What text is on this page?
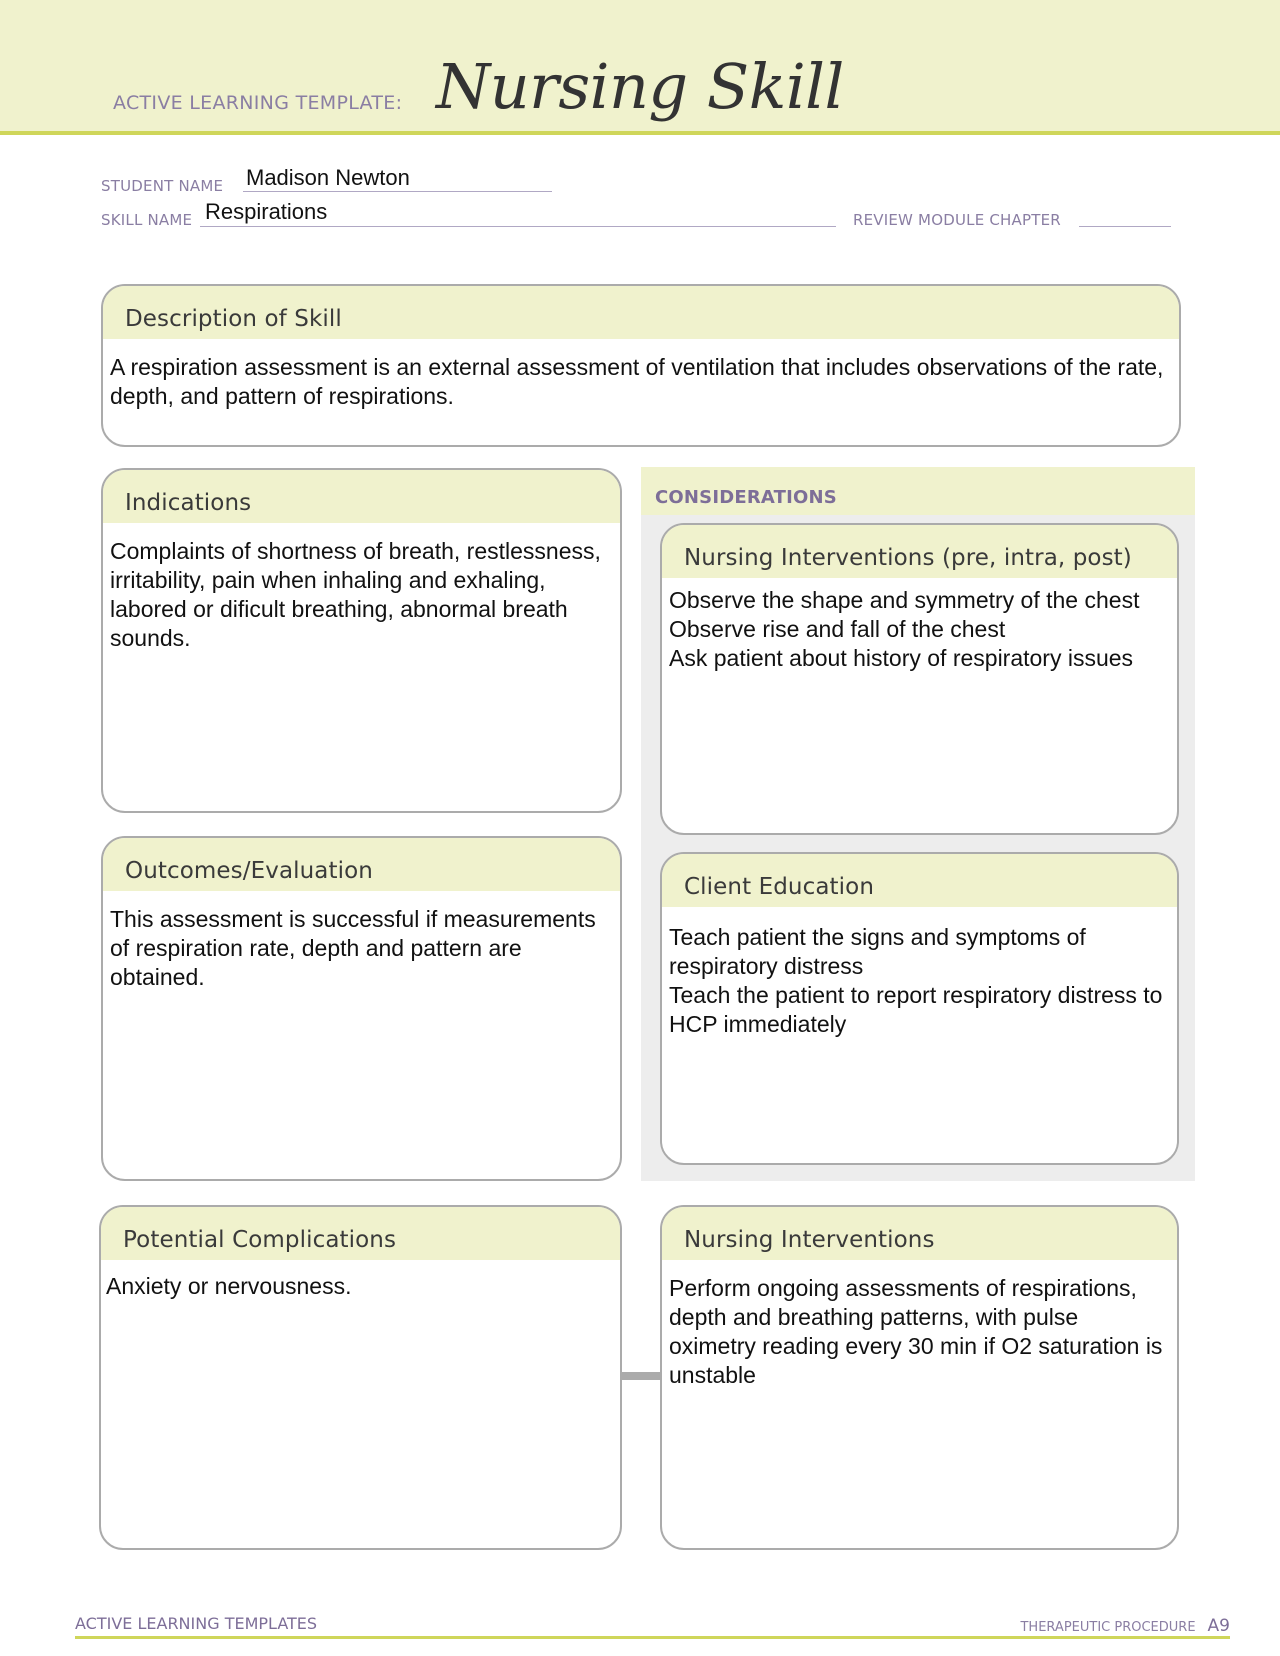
ACTIVE LEARNING TEMPLATE: Nursing Skill
STUDENT NAME Madison Newton
SKILL NAME Respirations	REVIEW MODULE CHAPTER
Description of Skill

A respiration assessment is an external assessment of ventilation that includes observations of the rate, depth, and pattern of respirations.

Indications

Complaints of shortness of breath, restlessness, irritability, pain when inhaling and exhaling, labored or dificult breathing, abnormal breath sounds.

Outcomes/Evaluation

This assessment is successful if measurements of respiration rate, depth and pattern are obtained.

CONSIDERATIONS
Nursing Interventions (pre, intra, post)

Observe the shape and symmetry of the chest

Observe rise and fall of the chest

Ask patient about history of respiratory issues

Client Education

Teach patient the signs and symptoms of respiratory distress

Teach the patient to report respiratory distress to HCP immediately

Potential Complications

Anxiety or nervousness.

Nursing Interventions

Perform ongoing assessments of respirations, depth and breathing patterns, with pulse oximetry reading every 30 min if O2 saturation is unstable

ACTIVE LEARNING TEMPLATES	THERAPEUTIC PROCEDURE A9
